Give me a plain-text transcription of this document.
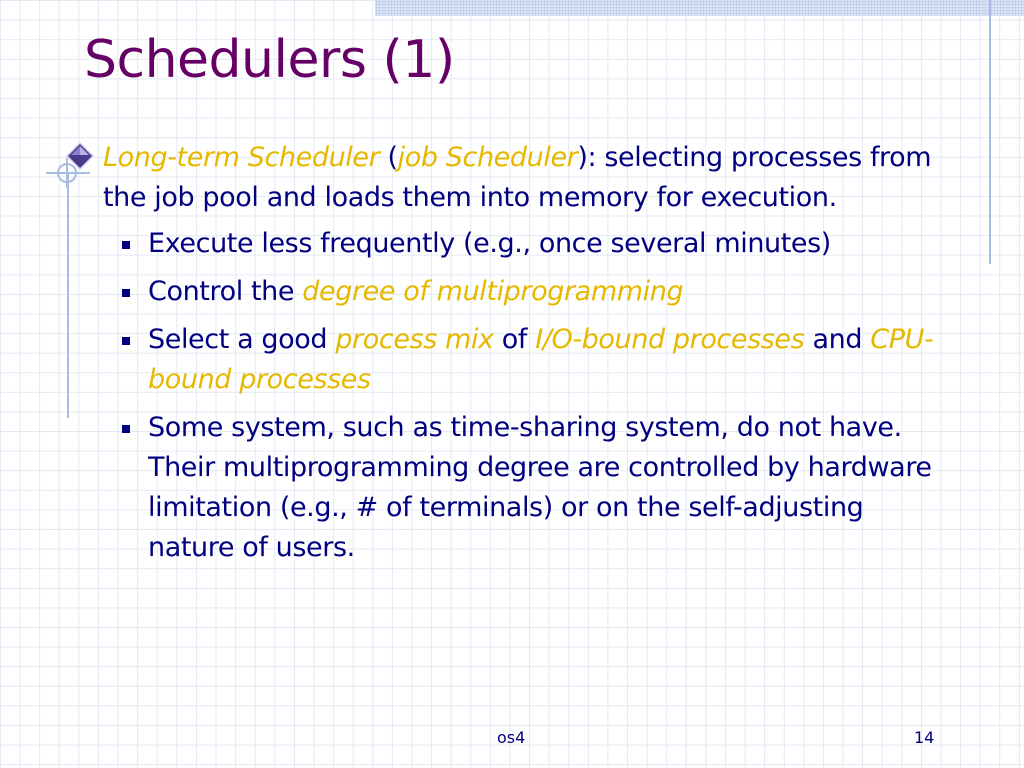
Schedulers (1)

Long-term Scheduler (job Scheduler): selecting processes from the job pool and loads them into memory for execution.

Execute less frequently (e.g., once several minutes)

Control the degree of multiprogramming

Select a good process mix of I/O-bound processes and CPU-bound processes

Some system, such as time-sharing system, do not have. Their multiprogramming degree are controlled by hardware limitation (e.g., # of terminals) or on the self-adjusting nature of users.

os4	14
